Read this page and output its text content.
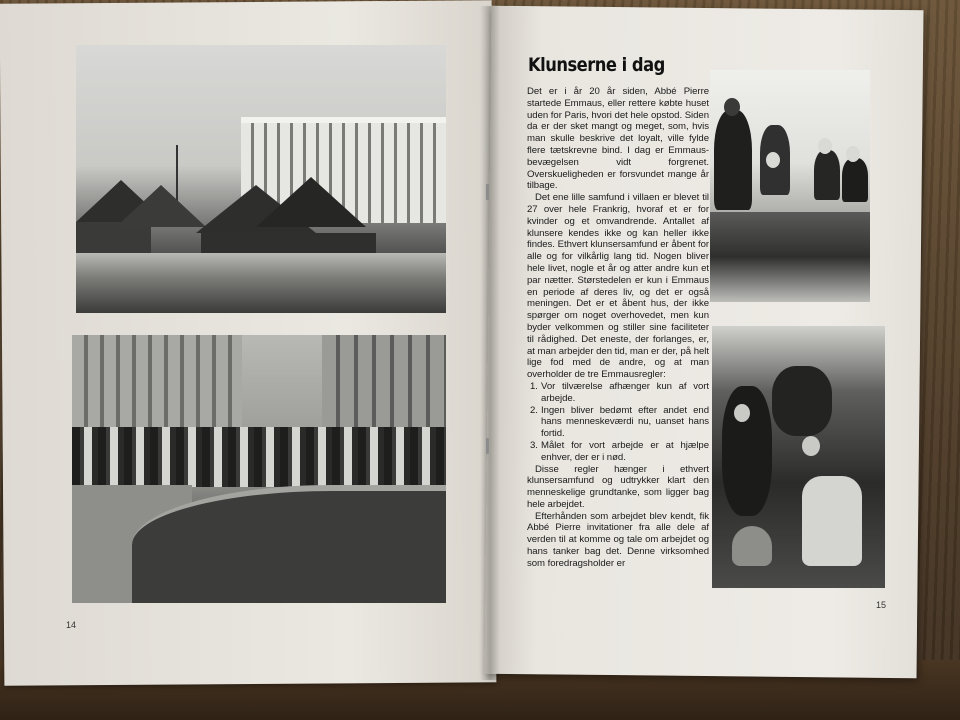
14
Klunserne i dag

Det er i år 20 år siden, Abbé Pierre startede Emmaus, eller rettere købte huset uden for Paris, hvori det hele opstod. Siden da er der sket mangt og meget, som, hvis man skulle beskrive det loyalt, ville fylde flere tætskrevne bind. I dag er Emmaus-bevægelsen vidt forgrenet. Overskueligheden er forsvundet mange år tilbage.

Det ene lille samfund i villaen er blevet til 27 over hele Frankrig, hvoraf et er for kvinder og et omvandrende. Antallet af klunsere kendes ikke og kan heller ikke findes. Ethvert klunsersamfund er åbent for alle og for vilkårlig lang tid. Nogen bliver hele livet, nogle et år og atter andre kun et par nætter. Størstedelen er kun i Emmaus en periode af deres liv, og det er også meningen. Det er et åbent hus, der ikke spørger om noget overhovedet, men kun byder velkommen og stiller sine faciliteter til rådighed. Det eneste, der forlanges, er, at man arbejder den tid, man er der, på helt lige fod med de andre, og at man overholder de tre Emmausregler:

1. Vor tilværelse afhænger kun af vort arbejde.
2. Ingen bliver bedømt efter andet end hans menneskeværdi nu, uanset hans fortid.
3. Målet for vort arbejde er at hjælpe enhver, der er i nød.

Disse regler hænger i ethvert klunsersamfund og udtrykker klart den menneskelige grundtanke, som ligger bag hele arbejdet.

Efterhånden som arbejdet blev kendt, fik Abbé Pierre invitationer fra alle dele af verden til at komme og tale om arbejdet og hans tanker bag det. Denne virksomhed som foredragsholder er

15
